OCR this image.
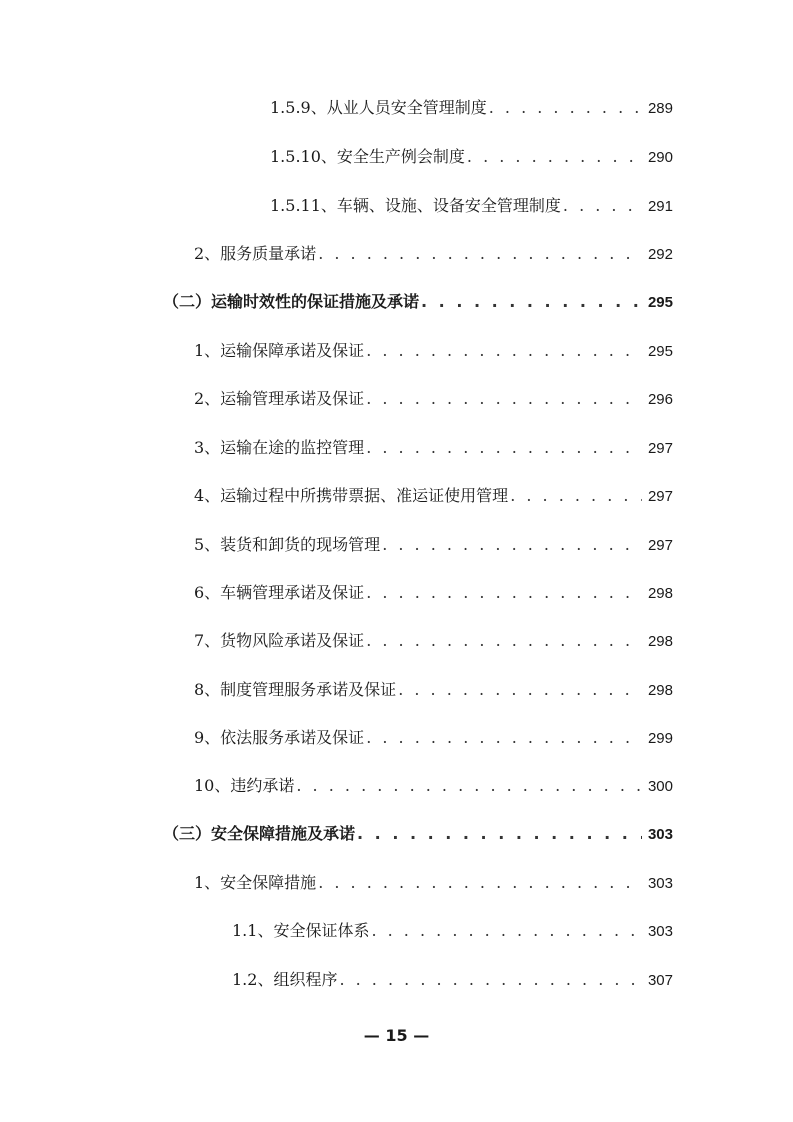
1.5.9、从业人员安全管理制度 . . .	289
1.5.10、安全生产例会制度 . . .	290
1.5.11、车辆、设施、设备安全管理制度 . . .	291
2、服务质量承诺 . . .	292
（二）运输时效性的保证措施及承诺 . . .	295
1、运输保障承诺及保证 . . .	295
2、运输管理承诺及保证 . . .	296
3、运输在途的监控管理 . . .	297
4、运输过程中所携带票据、准运证使用管理 . . .	297
5、装货和卸货的现场管理 . . .	297
6、车辆管理承诺及保证 . . .	298
7、货物风险承诺及保证 . . .	298
8、制度管理服务承诺及保证 . . .	298
9、依法服务承诺及保证 . . .	299
10、违约承诺 . . .	300
（三）安全保障措施及承诺 . . .	303
1、安全保障措施 . . .	303
1.1、安全保证体系 . . .	303
1.2、组织程序 . . .	307
— 15 —
